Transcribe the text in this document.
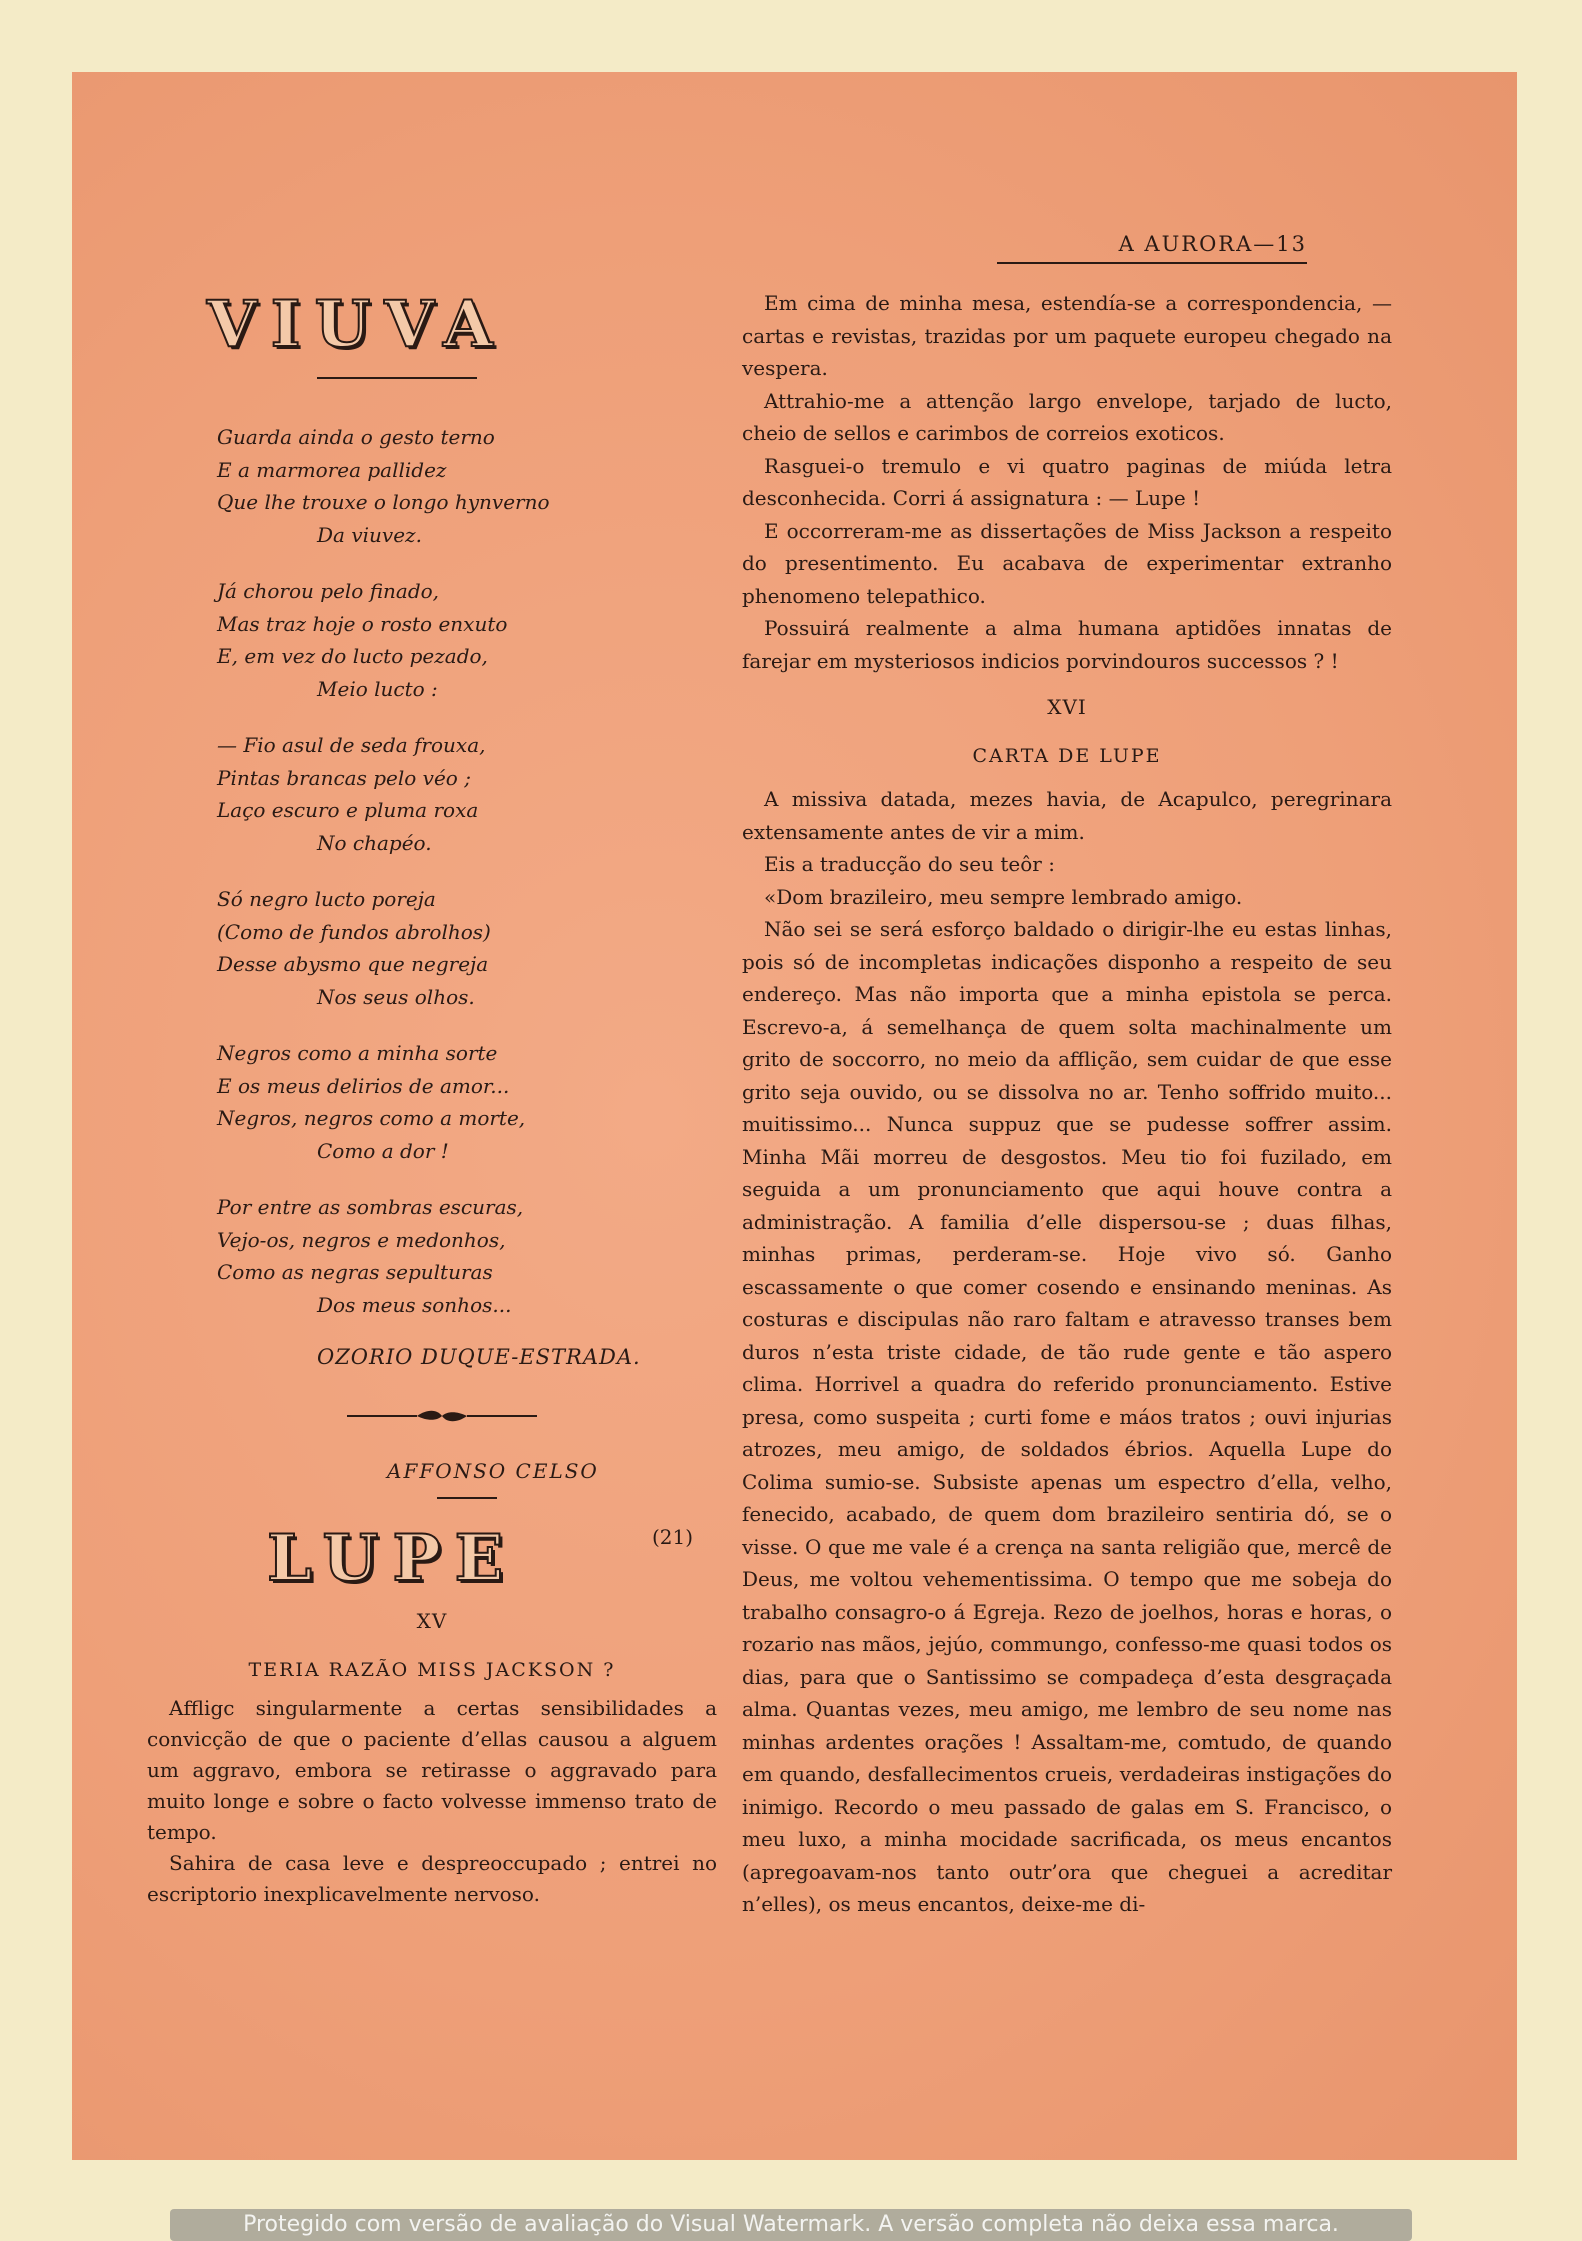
A AURORA—13
VIUVA
Guarda ainda o gesto terno
E a marmorea pallidez
Que lhe trouxe o longo hynverno
Da viuvez.
Já chorou pelo finado,
Mas traz hoje o rosto enxuto
E, em vez do lucto pezado,
Meio lucto :
— Fio asul de seda frouxa,
Pintas brancas pelo véo ;
Laço escuro e pluma roxa
No chapéo.
Só negro lucto poreja
(Como de fundos abrolhos)
Desse abysmo que negreja
Nos seus olhos.
Negros como a minha sorte
E os meus delirios de amor...
Negros, negros como a morte,
Como a dor !
Por entre as sombras escuras,
Vejo-os, negros e medonhos,
Como as negras sepulturas
Dos meus sonhos...
OZORIO DUQUE-ESTRADA.
AFFONSO CELSO
LUPE	(21)
XV
TERIA RAZÃO MISS JACKSON ?

Affligc singularmente a certas sensibilidades a convicção de que o paciente d’ellas causou a alguem um aggravo, embora se retirasse o aggravado para muito longe e sobre o facto volvesse immenso trato de tempo.

Sahira de casa leve e despreoccupado ; entrei no escriptorio inexplicavelmente nervoso.

Em cima de minha mesa, estendía-se a correspondencia, — cartas e revistas, trazidas por um paquete europeu chegado na vespera.

Attrahio-me a attenção largo envelope, tarjado de lucto, cheio de sellos e carimbos de correios exoticos.

Rasguei-o tremulo e vi quatro paginas de miúda letra desconhecida. Corri á assignatura : — Lupe !

E occorreram-me as dissertações de Miss Jackson a respeito do presentimento. Eu acabava de experimentar extranho phenomeno telepathico.

Possuirá realmente a alma humana aptidões innatas de farejar em mysteriosos indicios porvindouros successos ? !

XVI
CARTA DE LUPE

A missiva datada, mezes havia, de Acapulco, peregrinara extensamente antes de vir a mim.

Eis a traducção do seu teôr :

«Dom brazileiro, meu sempre lembrado amigo.

Não sei se será esforço baldado o dirigir-lhe eu estas linhas, pois só de incompletas indicações disponho a respeito de seu endereço. Mas não importa que a minha epistola se perca. Escrevo-a, á semelhança de quem solta machinalmente um grito de soccorro, no meio da afflição, sem cuidar de que esse grito seja ouvido, ou se dissolva no ar. Tenho soffrido muito... muitissimo... Nunca suppuz que se pudesse soffrer assim. Minha Mãi morreu de desgostos. Meu tio foi fuzilado, em seguida a um pronunciamento que aqui houve contra a administração. A familia d’elle dispersou-se ; duas filhas, minhas primas, perderam-se. Hoje vivo só. Ganho escassamente o que comer cosendo e ensinando meninas. As costuras e discipulas não raro faltam e atravesso transes bem duros n’esta triste cidade, de tão rude gente e tão aspero clima. Horrivel a quadra do referido pronunciamento. Estive presa, como suspeita ; curti fome e máos tratos ; ouvi injurias atrozes, meu amigo, de soldados ébrios. Aquella Lupe do Colima sumio-se. Subsiste apenas um espectro d’ella, velho, fenecido, acabado, de quem dom brazileiro sentiria dó, se o visse. O que me vale é a crença na santa religião que, mercê de Deus, me voltou vehementissima. O tempo que me sobeja do trabalho consagro-o á Egreja. Rezo de joelhos, horas e horas, o rozario nas mãos, jejúo, commungo, confesso-me quasi todos os dias, para que o Santissimo se compadeça d’esta desgraçada alma. Quantas vezes, meu amigo, me lembro de seu nome nas minhas ardentes orações ! Assaltam-me, comtudo, de quando em quando, desfallecimentos crueis, verdadeiras instigações do inimigo. Recordo o meu passado de galas em S. Francisco, o meu luxo, a minha mocidade sacrificada, os meus encantos (apregoavam-nos tanto outr’ora que cheguei a acreditar n’elles), os meus encantos, deixe-me di-

Protegido com versão de avaliação do Visual Watermark. A versão completa não deixa essa marca.
